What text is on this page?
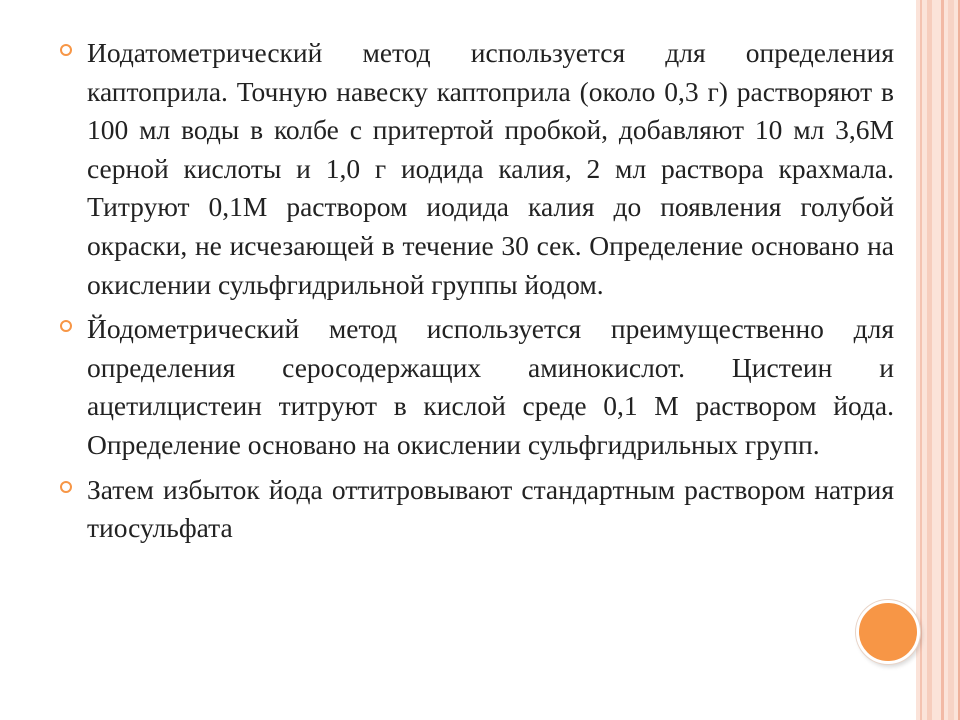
Иодатометрический метод используется для определения каптоприла. Точную навеску каптоприла (около 0,3 г) растворяют в 100 мл воды в колбе с притертой пробкой, добавляют 10 мл 3,6М серной кислоты и 1,0 г иодида калия, 2 мл раствора крахмала. Титруют 0,1М раствором иодида калия до появления голубой окраски, не исчезающей в течение 30 сек. Определение основано на окислении сульфгидрильной группы йодом.

Йодометрический метод используется преимущественно для определения серосодержащих аминокислот. Цистеин и ацетилцистеин титруют в кислой среде 0,1 М раствором йода. Определение основано на окислении сульфгидрильных групп.

Затем избыток йода оттитровывают стандартным раствором натрия тиосульфата
